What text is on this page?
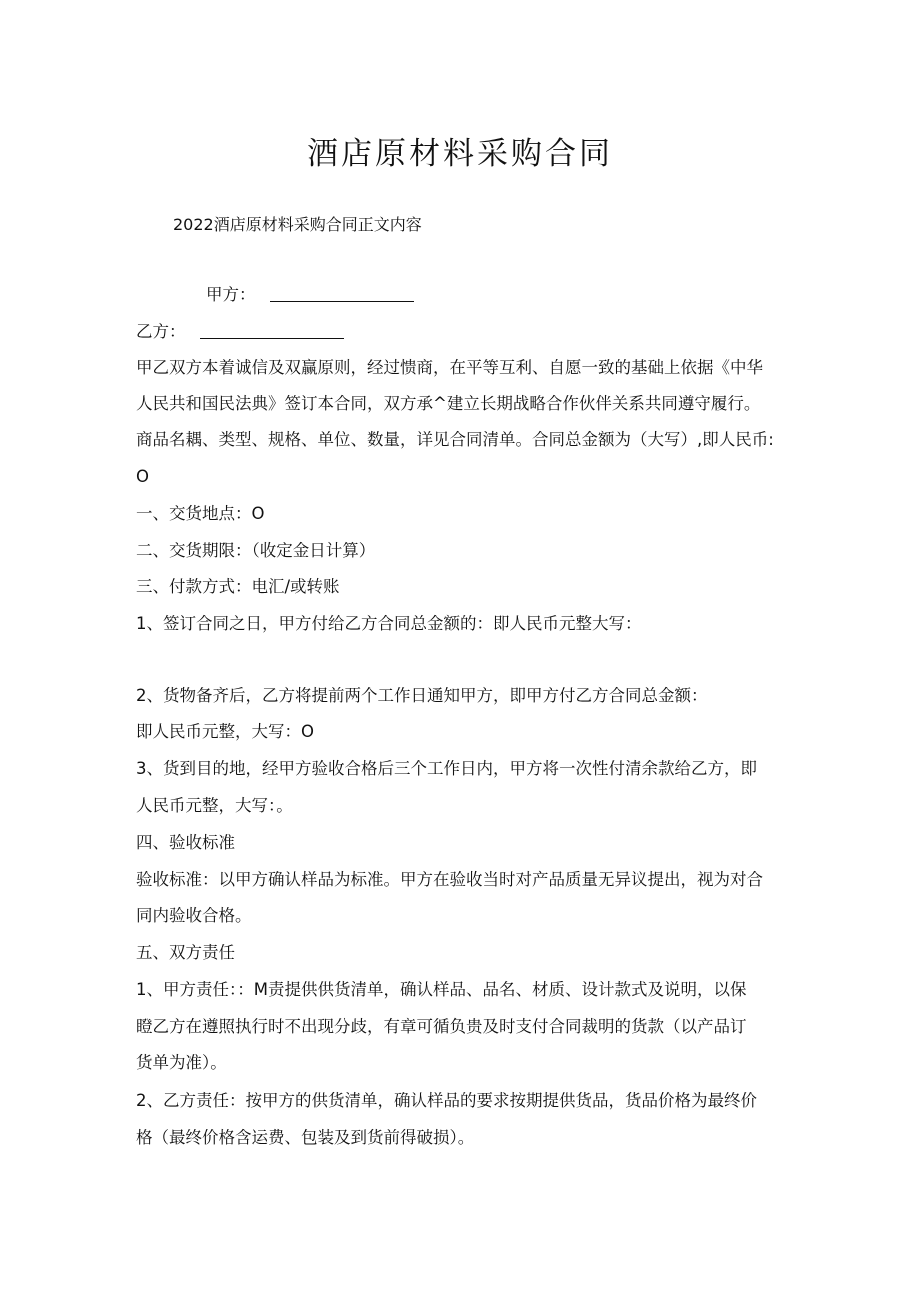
酒店原材料采购合同
2022酒店原材料采购合同正文内容
甲方：
乙方：
甲乙双方本着诚信及双赢原则，经过愦商，在平等互利、自愿一致的基础上依据《中华
人民共和国民法典》签订本合同，双方承^建立长期战略合作伙伴关系共同遵守履行。
商品名耦、类型、规格、单位、数量，详见合同清单。合同总金额为（大写）,即人民币:
O
一、交货地点：O
二、交货期限：（收定金日计算）
三、付款方式：电汇/或转账
1、签订合同之日，甲方付给乙方合同总金额的：即人民币元整大写：
2、货物备齐后，乙方将提前两个工作日通知甲方，即甲方付乙方合同总金额：
即人民币元整，大写：O
3、货到目的地，经甲方验收合格后三个工作日内，甲方将一次性付清余款给乙方，即
人民币元整，大写：。
四、验收标准
验收标准：以甲方确认样品为标准。甲方在验收当时对产品质量无异议提出，视为对合
同内验收合格。
五、双方责任
1、甲方责任：：M责提供供货清单，确认样品、品名、材质、设计款式及说明，以保
瞪乙方在遵照执行时不出现分歧，有章可循负贵及时支付合同裁明的货款（以产品订
货单为准）。
2、乙方责任：按甲方的供货清单，确认样品的要求按期提供货品，货品价格为最终价
格（最终价格含运费、包装及到货前得破损）。
